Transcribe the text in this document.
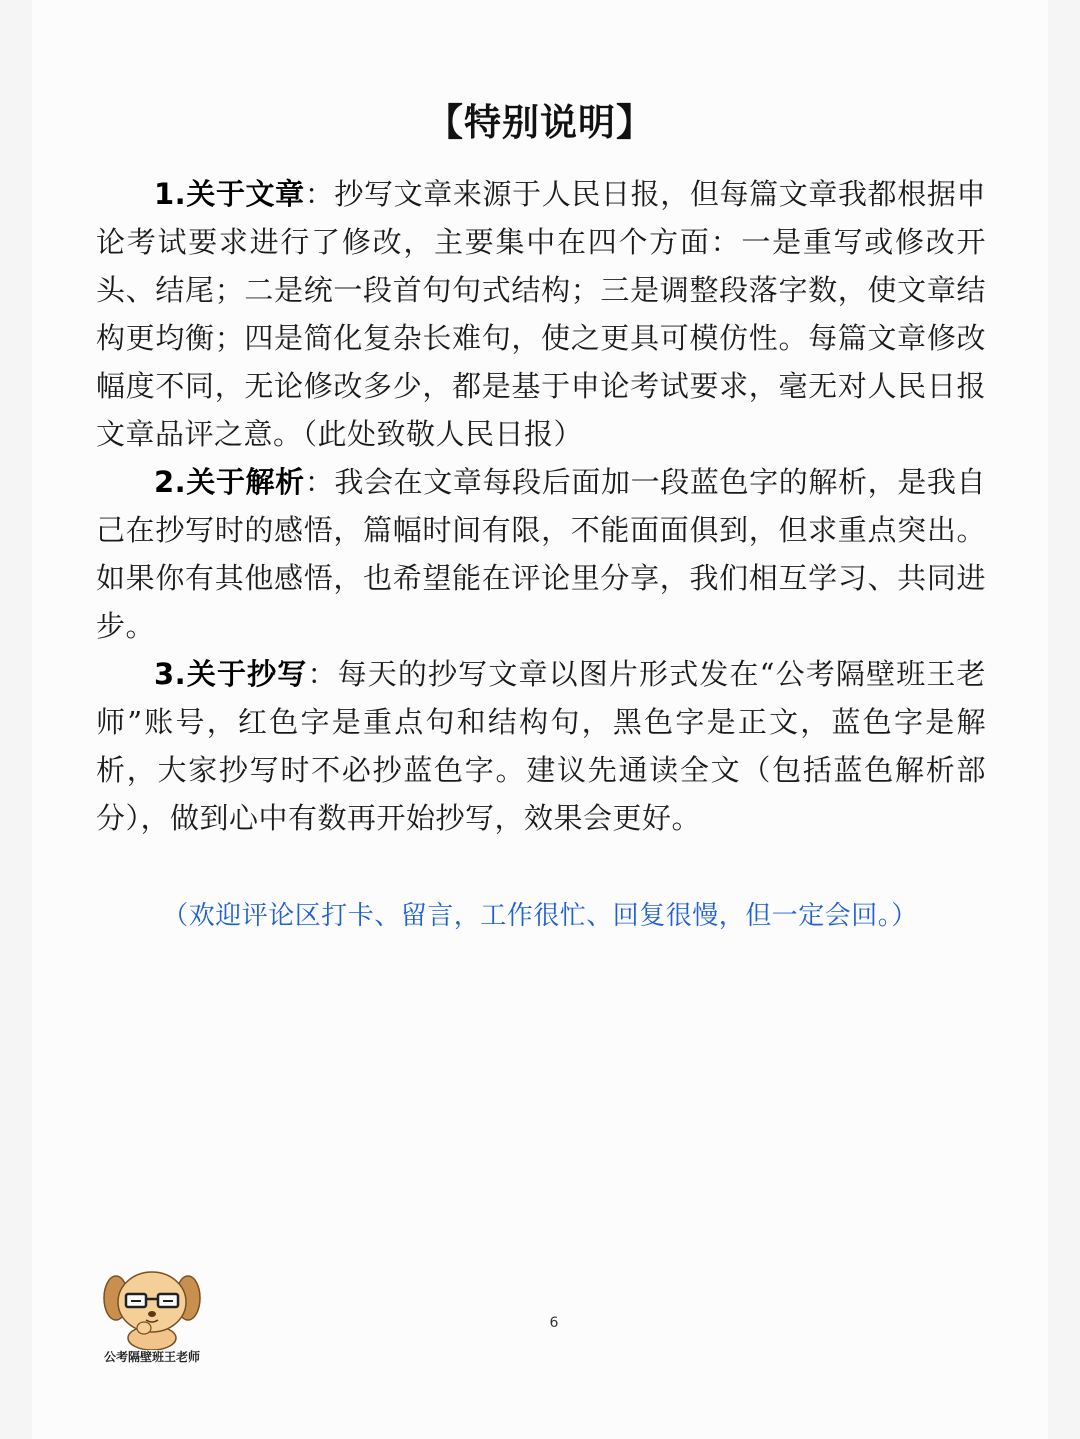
【特别说明】

1.关于文章：抄写文章来源于人民日报，但每篇文章我都根据申论考试要求进行了修改，主要集中在四个方面：一是重写或修改开头、结尾；二是统一段首句句式结构；三是调整段落字数，使文章结构更均衡；四是简化复杂长难句，使之更具可模仿性。每篇文章修改幅度不同，无论修改多少，都是基于申论考试要求，毫无对人民日报文章品评之意。（此处致敬人民日报）

2.关于解析：我会在文章每段后面加一段蓝色字的解析，是我自己在抄写时的感悟，篇幅时间有限，不能面面俱到，但求重点突出。如果你有其他感悟，也希望能在评论里分享，我们相互学习、共同进步。

3.关于抄写：每天的抄写文章以图片形式发在“公考隔壁班王老师”账号，红色字是重点句和结构句，黑色字是正文，蓝色字是解析，大家抄写时不必抄蓝色字。建议先通读全文（包括蓝色解析部分），做到心中有数再开始抄写，效果会更好。

（欢迎评论区打卡、留言，工作很忙、回复很慢，但一定会回。）
公考隔壁班王老师
6
